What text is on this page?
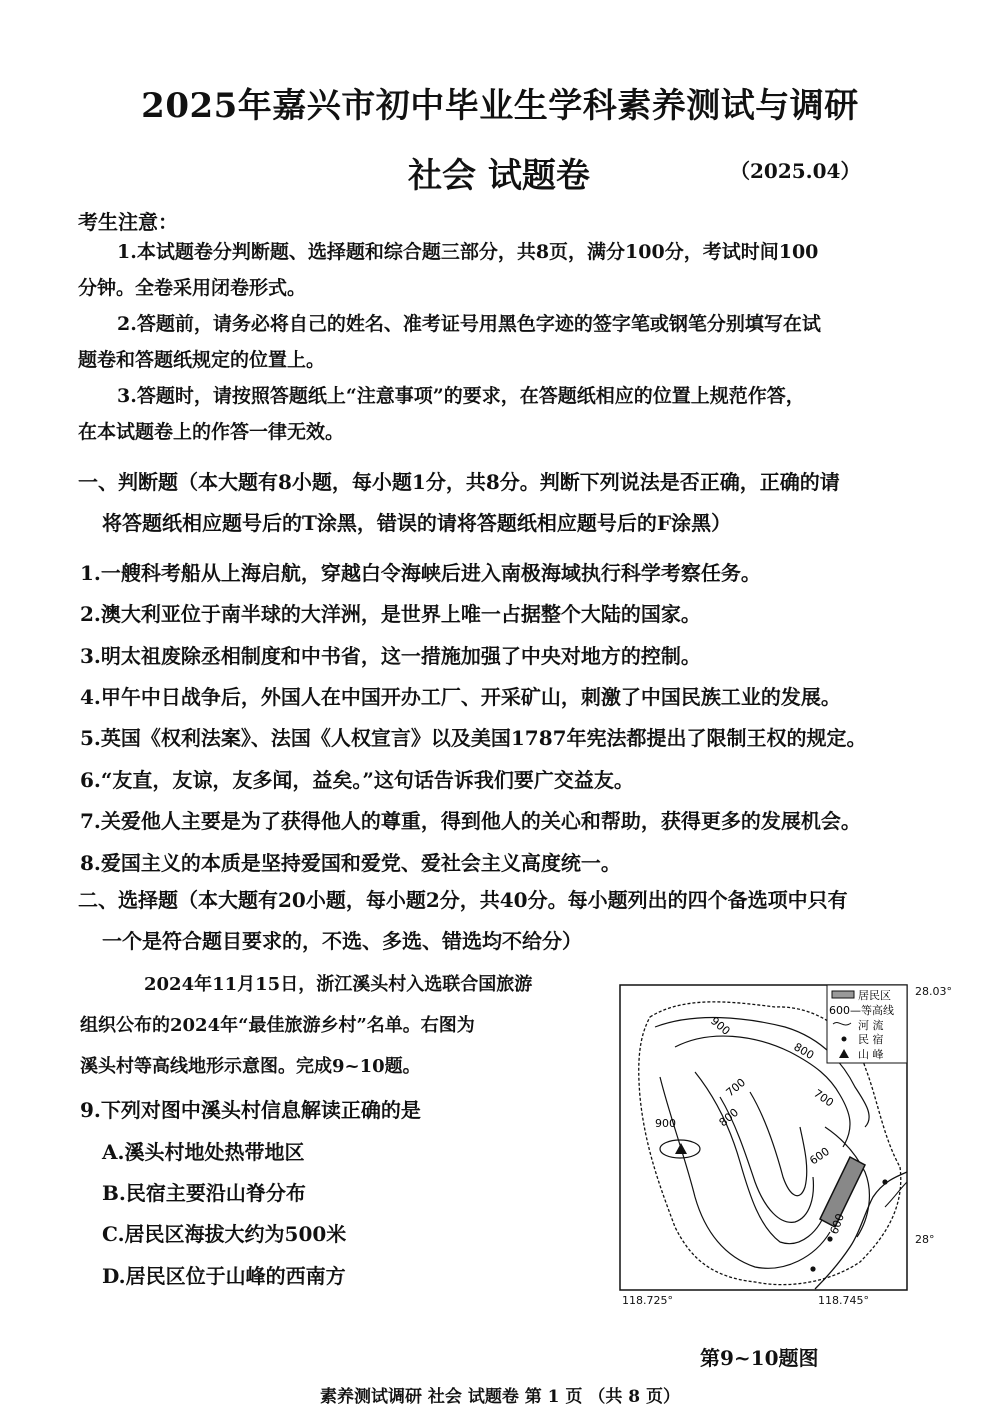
2025年嘉兴市初中毕业生学科素养测试与调研
社会 试题卷	（2025.04）
考生注意：
1.本试题卷分判断题、选择题和综合题三部分，共8页，满分100分，考试时间100
分钟。全卷采用闭卷形式。
2.答题前，请务必将自己的姓名、准考证号用黑色字迹的签字笔或钢笔分别填写在试
题卷和答题纸规定的位置上。
3.答题时，请按照答题纸上“注意事项”的要求，在答题纸相应的位置上规范作答，
在本试题卷上的作答一律无效。
一、判断题（本大题有8小题，每小题1分，共8分。判断下列说法是否正确，正确的请
将答题纸相应题号后的T涂黑，错误的请将答题纸相应题号后的F涂黑）
1.一艘科考船从上海启航，穿越白令海峡后进入南极海域执行科学考察任务。
2.澳大利亚位于南半球的大洋洲，是世界上唯一占据整个大陆的国家。
3.明太祖废除丞相制度和中书省，这一措施加强了中央对地方的控制。
4.甲午中日战争后，外国人在中国开办工厂、开采矿山，刺激了中国民族工业的发展。
5.英国《权利法案》、法国《人权宣言》以及美国1787年宪法都提出了限制王权的规定。
6.“友直，友谅，友多闻，益矣。”这句话告诉我们要广交益友。
7.关爱他人主要是为了获得他人的尊重，得到他人的关心和帮助，获得更多的发展机会。
8.爱国主义的本质是坚持爱国和爱党、爱社会主义高度统一。
二、选择题（本大题有20小题，每小题2分，共40分。每小题列出的四个备选项中只有
一个是符合题目要求的，不选、多选、错选均不给分）
2024年11月15日，浙江溪头村入选联合国旅游
组织公布的2024年“最佳旅游乡村”名单。右图为
溪头村等高线地形示意图。完成9~10题。
9.下列对图中溪头村信息解读正确的是
A.溪头村地处热带地区
B.民宿主要沿山脊分布
C.居民区海拔大约为500米
D.居民区位于山峰的西南方
900
800
700	700
900	800
600
600
居民区
600—等高线
河 流
民 宿
山 峰
28.03°
28°
118.725°	118.745°
第9~10题图
素养测试调研 社会 试题卷 第 1 页 （共 8 页）
